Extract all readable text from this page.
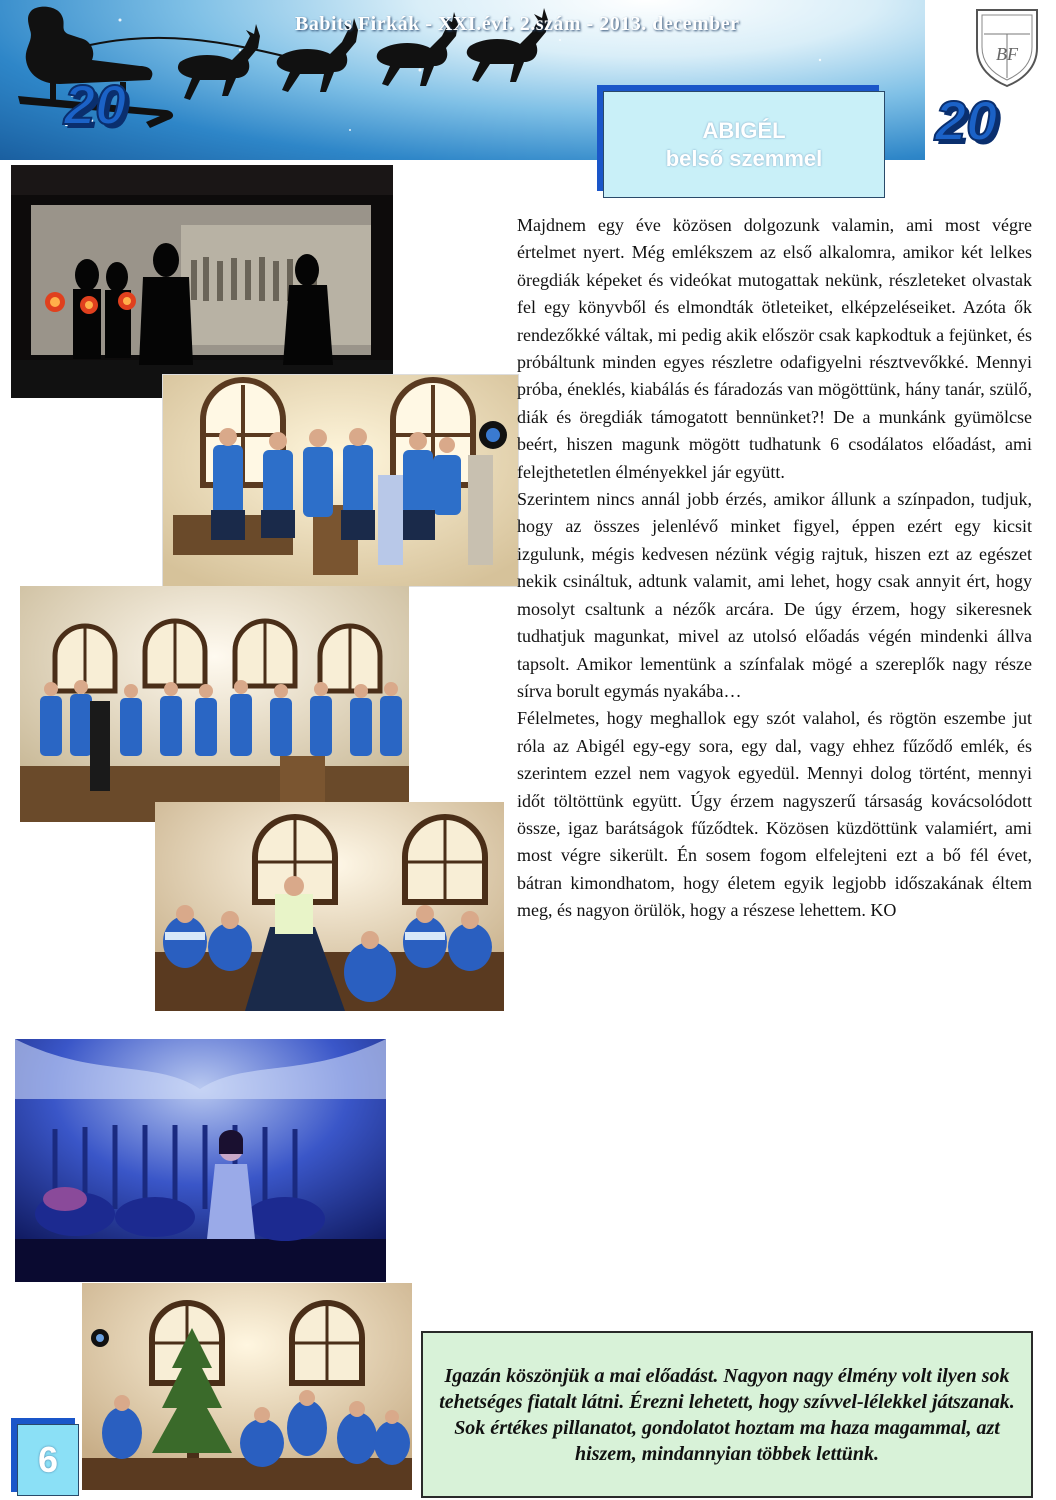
Babits Firkák - XXI.évf. 2.szám - 2013. december
20	20
BF
ABIGÉL
belső szemmel

Majdnem egy éve közösen dolgozunk valamin, ami most végre értelmet nyert. Még emlékszem az első alkalomra, amikor két lelkes öregdiák képeket és videókat mutogattak nekünk, részleteket olvastak fel egy könyvből és elmondták ötleteiket, elképzeléseiket. Azóta ők rendezőkké váltak, mi pedig akik először csak kapkodtuk a fejünket, és próbáltunk minden egyes részletre odafigyelni résztvevőkké. Mennyi próba, éneklés, kiabálás és fáradozás van mögöttünk, hány tanár, szülő, diák és öregdiák támogatott bennünket?! De a munkánk gyümölcse beért, hiszen magunk mögött tudhatunk 6 csodálatos előadást, ami felejthetetlen élményekkel jár együtt.

Szerintem nincs annál jobb érzés, amikor állunk a színpadon, tudjuk, hogy az összes jelenlévő minket figyel, éppen ezért egy kicsit izgulunk, mégis kedvesen nézünk végig rajtuk, hiszen ezt az egészet nekik csináltuk, adtunk valamit, ami lehet, hogy csak annyit ért, hogy mosolyt csaltunk a nézők arcára. De úgy érzem, hogy sikeresnek tudhatjuk magunkat, mivel az utolsó előadás végén mindenki állva tapsolt. Amikor lementünk a színfalak mögé a szereplők nagy része sírva borult egymás nyakába…

Félelmetes, hogy meghallok egy szót valahol, és rögtön eszembe jut róla az Abigél egy-egy sora, egy dal, vagy ehhez fűződő emlék, és szerintem ezzel nem vagyok egyedül. Mennyi dolog történt, mennyi időt töltöttünk együtt. Úgy érzem nagyszerű társaság kovácsolódott össze, igaz barátságok fűződtek. Közösen küzdöttünk valamiért, ami most végre sikerült. Én sosem fogom elfelejteni ezt a bő fél évet, bátran kimondhatom, hogy életem egyik legjobb időszakának éltem meg, és nagyon örülök, hogy a részese lehettem. KO

Igazán köszönjük a mai előadást. Nagyon nagy élmény volt ilyen sok tehetséges fiatalt látni. Érezni lehetett, hogy szívvel-lélekkel játszanak. Sok értékes pillanatot, gondolatot hoztam ma haza magammal, azt hiszem, mindannyian többek lettünk.

6
